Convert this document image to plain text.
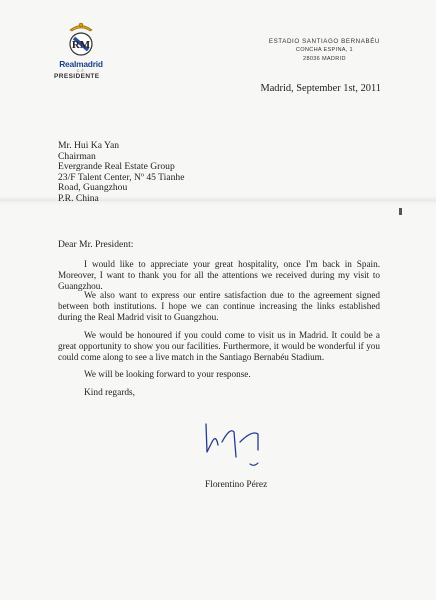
RM
Realmadrid
C.F.
PRESIDENTE
ESTADIO SANTIAGO BERNABÉU
CONCHA ESPINA, 1
28036 MADRID
Madrid, September 1st, 2011
Mr. Hui Ka Yan
Chairman
Evergrande Real Estate Group
23/F Talent Center, Nº 45 Tianhe
Road, Guangzhou
P.R. China
Dear Mr. President:

I would like to appreciate your great hospitality, once I'm back in Spain. Moreover, I want to thank you for all the attentions we received during my visit to Guangzhou.

We also want to express our entire satisfaction due to the agreement signed between both institutions. I hope we can continue increasing the links established during the Real Madrid visit to Guangzhou.

We would be honoured if you could come to visit us in Madrid. It could be a great opportunity to show you our facilities. Furthermore, it would be wonderful if you could come along to see a live match in the Santiago Bernabéu Stadium.

We will be looking forward to your response.

Kind regards,
Florentino Pérez
